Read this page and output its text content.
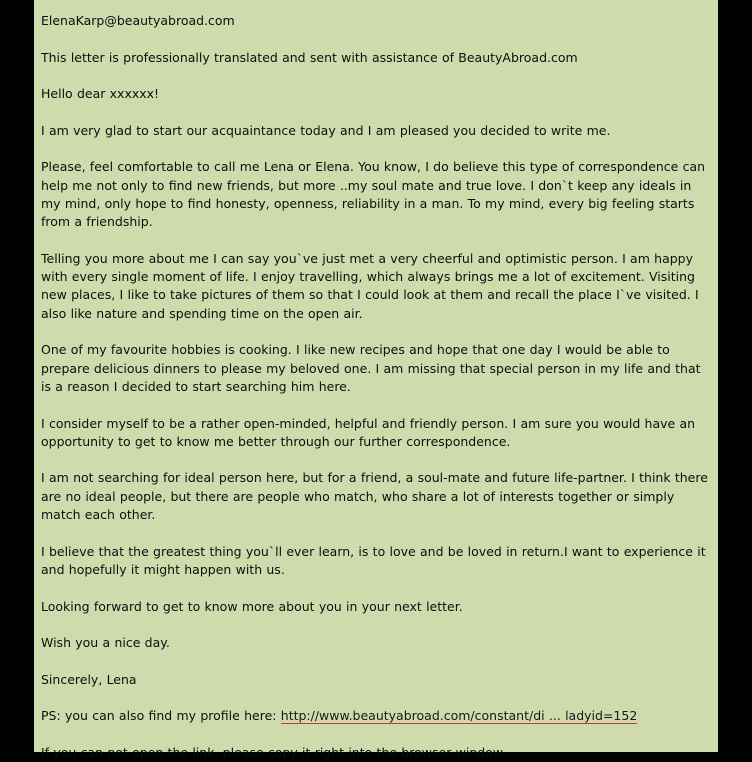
ElenaKarp@beautyabroad.com

This letter is professionally translated and sent with assistance of BeautyAbroad.com

Hello dear xxxxxx!

I am very glad to start our acquaintance today and I am pleased you decided to write me.

Please, feel comfortable to call me Lena or Elena. You know, I do believe this type of correspondence can help me not only to find new friends, but more ..my soul mate and true love. I don`t keep any ideals in my mind, only hope to find honesty, openness, reliability in a man. To my mind, every big feeling starts from a friendship.

Telling you more about me I can say you`ve just met a very cheerful and optimistic person. I am happy with every single moment of life. I enjoy travelling, which always brings me a lot of excitement. Visiting new places, I like to take pictures of them so that I could look at them and recall the place I`ve visited. I also like nature and spending time on the open air.

One of my favourite hobbies is cooking. I like new recipes and hope that one day I would be able to prepare delicious dinners to please my beloved one. I am missing that special person in my life and that is a reason I decided to start searching him here.

I consider myself to be a rather open-minded, helpful and friendly person. I am sure you would have an opportunity to get to know me better through our further correspondence.

I am not searching for ideal person here, but for a friend, a soul-mate and future life-partner. I think there are no ideal people, but there are people who match, who share a lot of interests together or simply match each other.

I believe that the greatest thing you`ll ever learn, is to love and be loved in return.I want to experience it and hopefully it might happen with us.

Looking forward to get to know more about you in your next letter.

Wish you a nice day.

Sincerely, Lena

PS: you can also find my profile here: http://www.beautyabroad.com/constant/di ... ladyid=152

If you can not open the link, please copy it right into the browser window.
